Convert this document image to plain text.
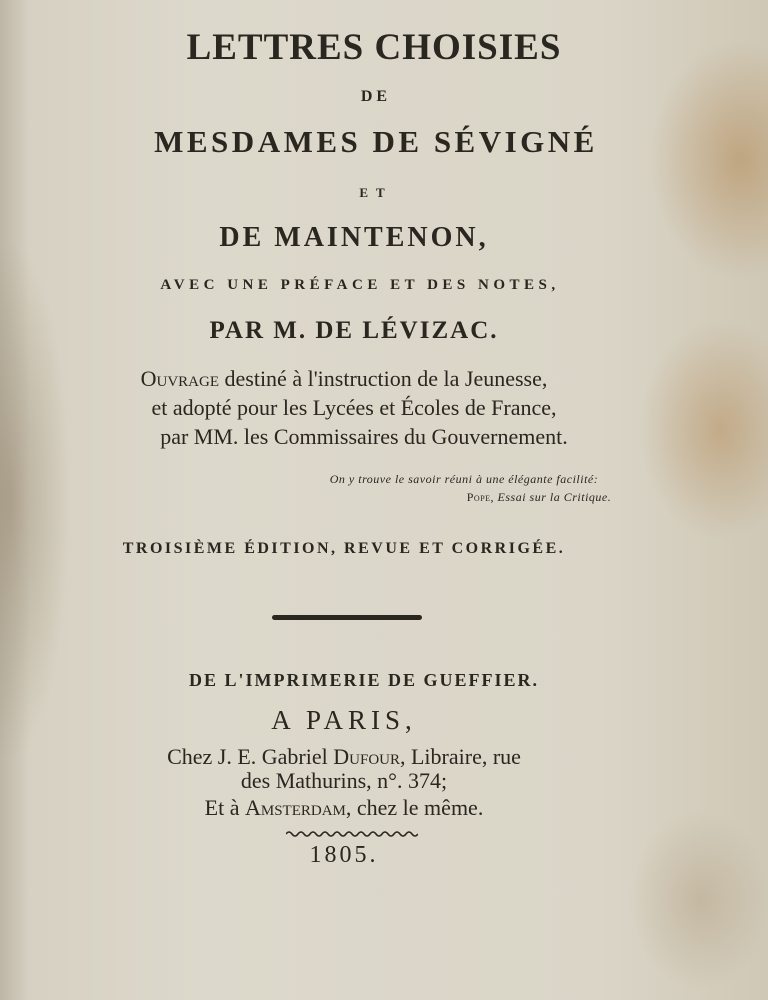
LETTRES CHOISIES
DE
MESDAMES DE SÉVIGNÉ
ET
DE MAINTENON,
AVEC UNE PRÉFACE ET DES NOTES,
PAR M. DE LÉVIZAC.
Ouvrage destiné à l'instruction de la Jeunesse,
et adopté pour les Lycées et Écoles de France,
par MM. les Commissaires du Gouvernement.
On y trouve le savoir réuni à une élégante facilité:
Pope, Essai sur la Critique.
TROISIÈME ÉDITION, REVUE ET CORRIGÉE.
DE L'IMPRIMERIE DE GUEFFIER.
A PARIS,
Chez J. E. Gabriel Dufour, Libraire, rue
des Mathurins, n°. 374;
Et à Amsterdam, chez le même.
1805.
